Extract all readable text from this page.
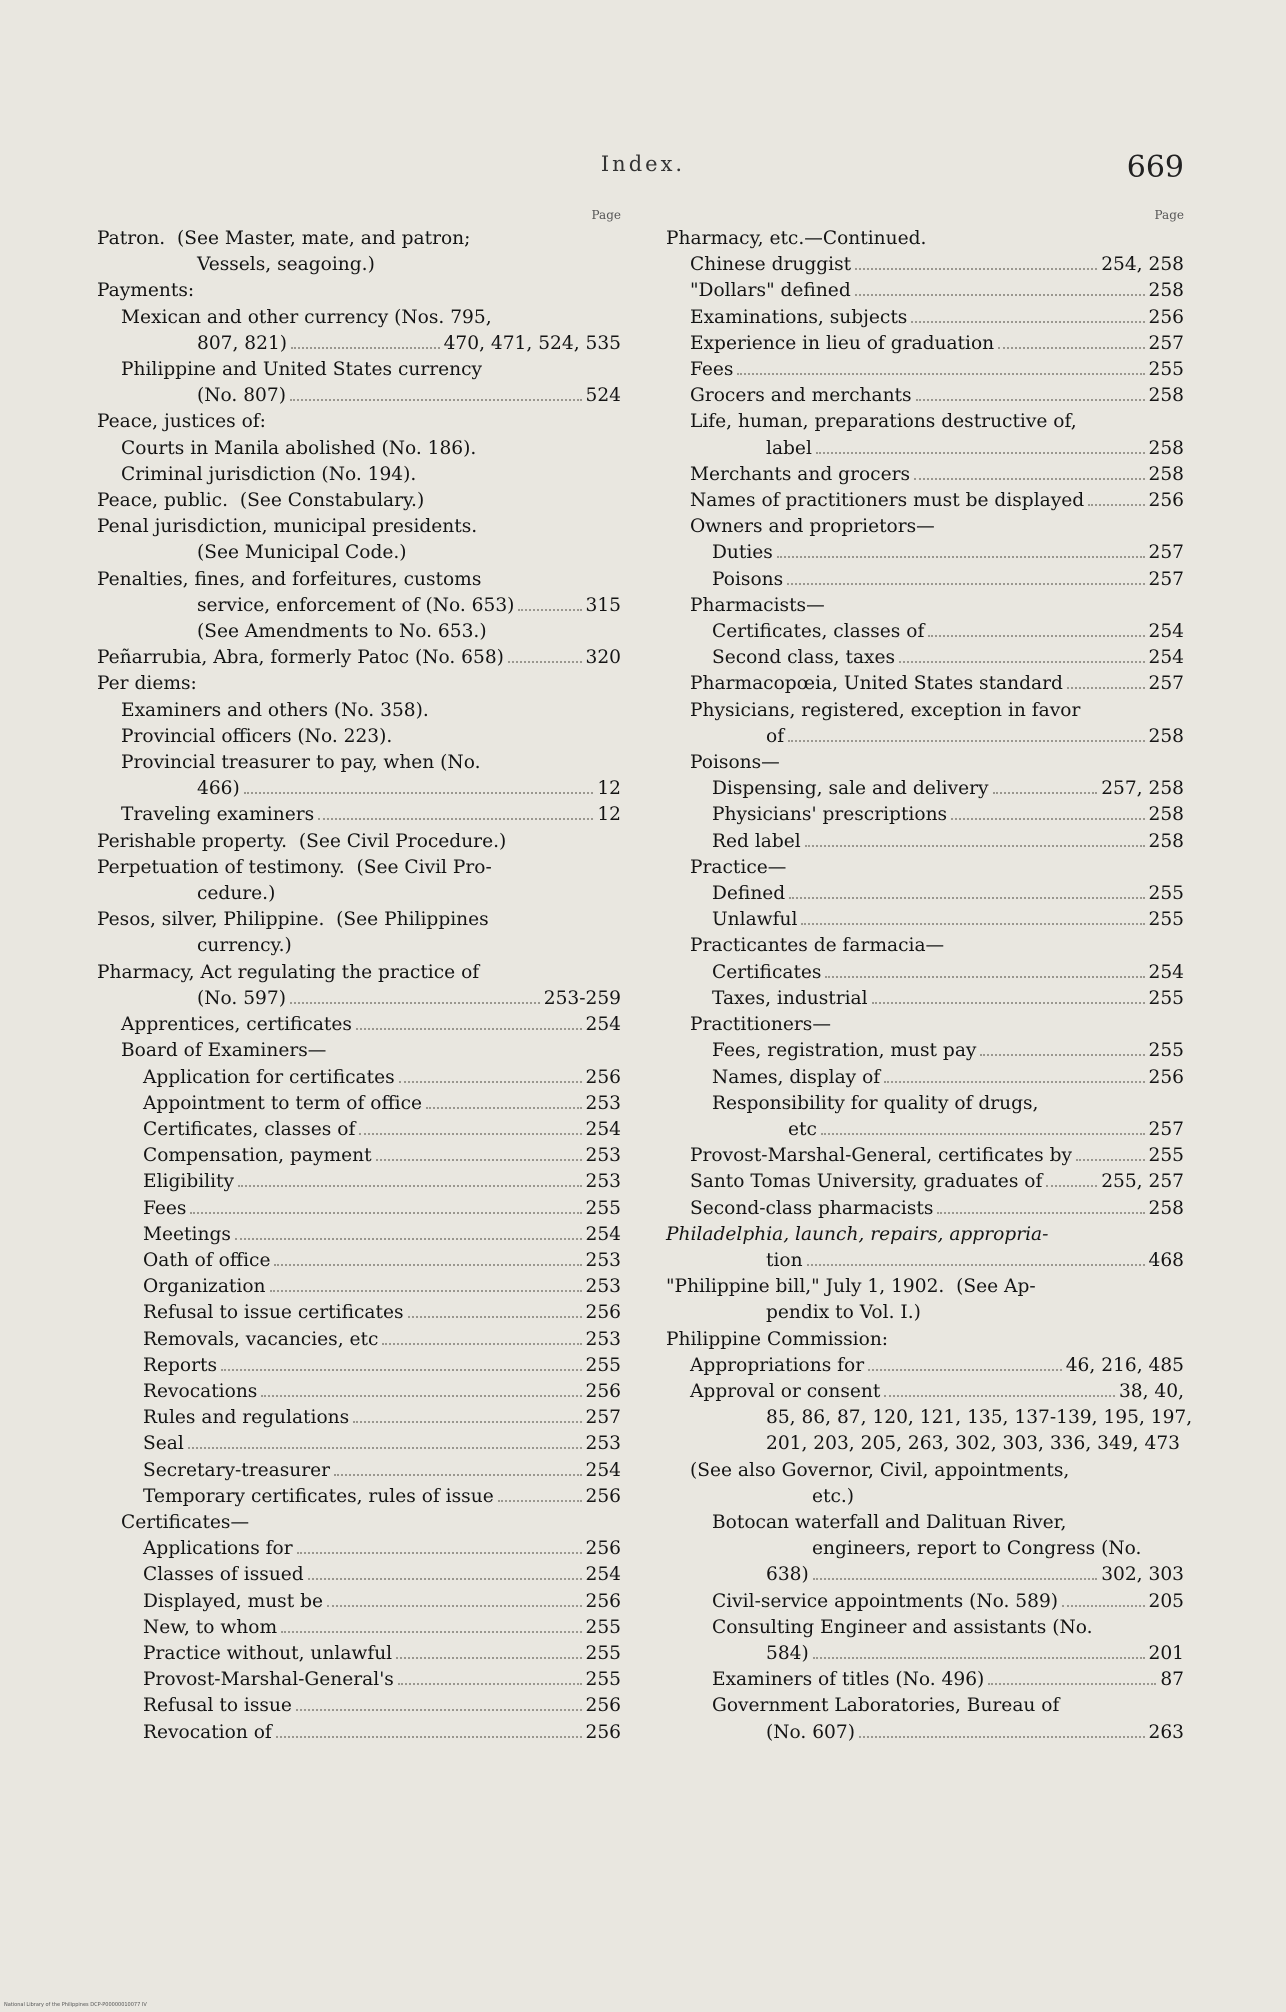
Index.	669
Page
Patron.  (See Master, mate, and patron;
Vessels, seagoing.)
Payments:
Mexican and other currency (Nos. 795,
807, 821)	470, 471, 524, 535
Philippine and United States currency
(No. 807)	524
Peace, justices of:
Courts in Manila abolished (No. 186).
Criminal jurisdiction (No. 194).
Peace, public.  (See Constabulary.)
Penal jurisdiction, municipal presidents.
(See Municipal Code.)
Penalties, fines, and forfeitures, customs
service, enforcement of (No. 653)	315
(See Amendments to No. 653.)
Peñarrubia, Abra, formerly Patoc (No. 658)	320
Per diems:
Examiners and others (No. 358).
Provincial officers (No. 223).
Provincial treasurer to pay, when (No.
466)	12
Traveling examiners	12
Perishable property.  (See Civil Procedure.)
Perpetuation of testimony.  (See Civil Pro-
cedure.)
Pesos, silver, Philippine.  (See Philippines
currency.)
Pharmacy, Act regulating the practice of
(No. 597)	253-259
Apprentices, certificates	254
Board of Examiners—
Application for certificates	256
Appointment to term of office	253
Certificates, classes of	254
Compensation, payment	253
Eligibility	253
Fees	255
Meetings	254
Oath of office	253
Organization	253
Refusal to issue certificates	256
Removals, vacancies, etc	253
Reports	255
Revocations	256
Rules and regulations	257
Seal	253
Secretary-treasurer	254
Temporary certificates, rules of issue	256
Certificates—
Applications for	256
Classes of issued	254
Displayed, must be	256
New, to whom	255
Practice without, unlawful	255
Provost-Marshal-General's	255
Refusal to issue	256
Revocation of	256
Page
Pharmacy, etc.—Continued.
Chinese druggist	254, 258
"Dollars" defined	258
Examinations, subjects	256
Experience in lieu of graduation	257
Fees	255
Grocers and merchants	258
Life, human, preparations destructive of,
label	258
Merchants and grocers	258
Names of practitioners must be displayed	256
Owners and proprietors—
Duties	257
Poisons	257
Pharmacists—
Certificates, classes of	254
Second class, taxes	254
Pharmacopœia, United States standard	257
Physicians, registered, exception in favor
of	258
Poisons—
Dispensing, sale and delivery	257, 258
Physicians' prescriptions	258
Red label	258
Practice—
Defined	255
Unlawful	255
Practicantes de farmacia—
Certificates	254
Taxes, industrial	255
Practitioners—
Fees, registration, must pay	255
Names, display of	256
Responsibility for quality of drugs,
etc	257
Provost-Marshal-General, certificates by	255
Santo Tomas University, graduates of	255, 257
Second-class pharmacists	258
Philadelphia, launch, repairs, appropria-
tion	468
"Philippine bill," July 1, 1902.  (See Ap-
pendix to Vol. I.)
Philippine Commission:
Appropriations for	46, 216, 485
Approval or consent	38, 40,
85, 86, 87, 120, 121, 135, 137-139, 195, 197,
201, 203, 205, 263, 302, 303, 336, 349, 473
(See also Governor, Civil, appointments,
etc.)
Botocan waterfall and Dalituan River,
engineers, report to Congress (No.
638)	302, 303
Civil-service appointments (No. 589)	205
Consulting Engineer and assistants (No.
584)	201
Examiners of titles (No. 496)	87
Government Laboratories, Bureau of
(No. 607)	263
National Library of the Philippines DCP-P00000010077 IV
